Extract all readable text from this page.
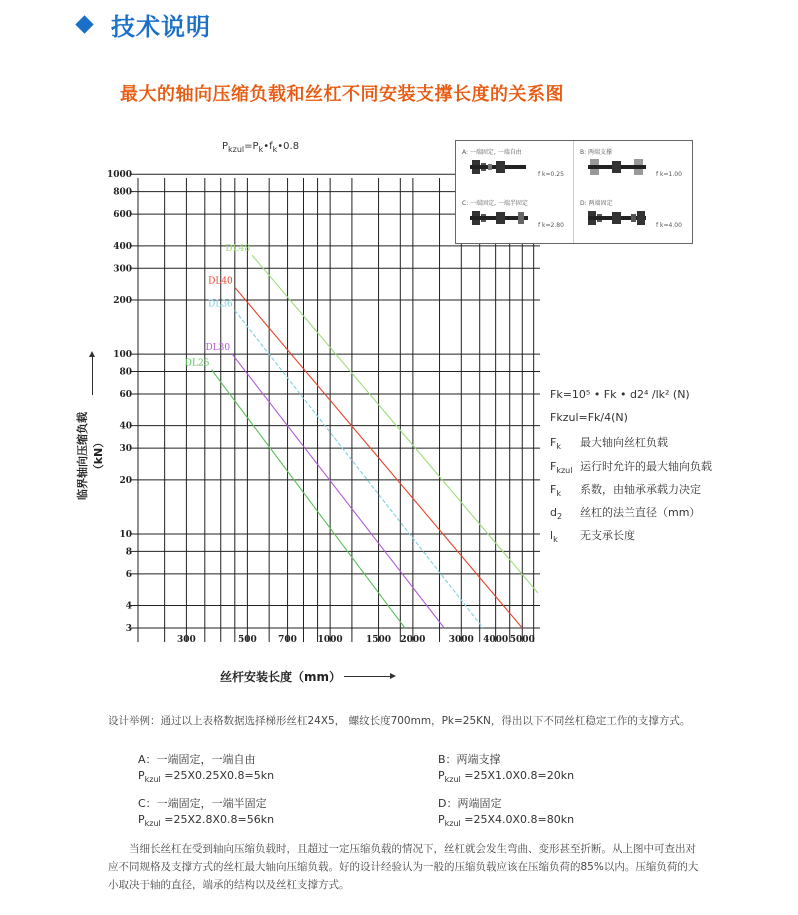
技术说明
最大的轴向压缩负载和丝杠不同安装支撑长度的关系图
$P_{kzul}=P_k•f_k•0.8$
DL25
DL30
DL36
DL40
DL48
3
4
6
8
10
20
30
40
60
80
100
200
300
400
600
800
1000
300	500 700 1000	1500 2000	3000 4000 5000
临界轴向压缩负载（kN）
丝杆安装长度（mm）
A: 一端固定, 一端自由
f k=0.25
B: 两端支撑
f k=1.00
C: 一端固定, 一端半固定
f k=2.80
D: 两端固定
f k=4.00
Fk=10⁵ • Fk • d2⁴ /lk² (N)
Fkzul=Fk/4(N)
$F_k$ 最大轴向丝杠负载
$F_{kzul}$ 运行时允许的最大轴向负载
$F_k$ 系数，由轴承承载力决定
$d_2$ 丝杠的法兰直径（mm）
$l_k$ 无支承长度
设计举例：通过以上表格数据选择梯形丝杠24X5， 螺纹长度700mm，Pk=25KN，得出以下不同丝杠稳定工作的支撑方式。
A：一端固定，一端自由
$P_{kzul} =25X0.25X0.8=5kn$
B：两端支撑
$P_{kzul} =25X1.0X0.8=20kn$
C：一端固定，一端半固定
$P_{kzul} =25X2.8X0.8=56kn$
D：两端固定
$P_{kzul} =25X4.0X0.8=80kn$
当细长丝杠在受到轴向压缩负载时，且超过一定压缩负载的情况下，丝杠就会发生弯曲、变形甚至折断。从上图中可查出对应不同规格及支撑方式的丝杠最大轴向压缩负载。好的设计经验认为一般的压缩负载应该在压缩负荷的85%以内。压缩负荷的大小取决于轴的直径，端承的结构以及丝杠支撑方式。
